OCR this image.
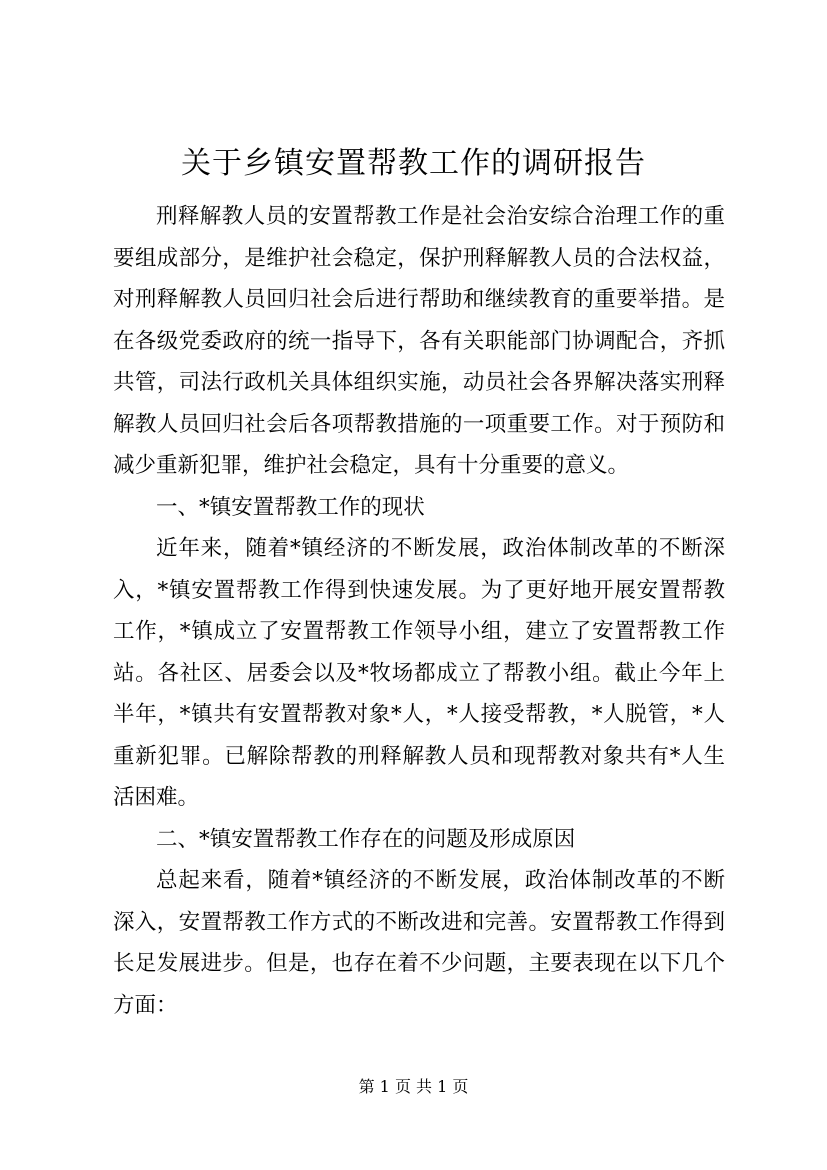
关于乡镇安置帮教工作的调研报告

刑释解教人员的安置帮教工作是社会治安综合治理工作的重要组成部分，是维护社会稳定，保护刑释解教人员的合法权益，对刑释解教人员回归社会后进行帮助和继续教育的重要举措。是在各级党委政府的统一指导下，各有关职能部门协调配合，齐抓共管，司法行政机关具体组织实施，动员社会各界解决落实刑释解教人员回归社会后各项帮教措施的一项重要工作。对于预防和减少重新犯罪，维护社会稳定，具有十分重要的意义。

一、*镇安置帮教工作的现状

近年来，随着*镇经济的不断发展，政治体制改革的不断深入，*镇安置帮教工作得到快速发展。为了更好地开展安置帮教工作，*镇成立了安置帮教工作领导小组，建立了安置帮教工作站。各社区、居委会以及*牧场都成立了帮教小组。截止今年上半年，*镇共有安置帮教对象*人，*人接受帮教，*人脱管，*人重新犯罪。已解除帮教的刑释解教人员和现帮教对象共有*人生活困难。

二、*镇安置帮教工作存在的问题及形成原因

总起来看，随着*镇经济的不断发展，政治体制改革的不断深入，安置帮教工作方式的不断改进和完善。安置帮教工作得到长足发展进步。但是，也存在着不少问题，主要表现在以下几个方面：

第 1 页 共 1 页
